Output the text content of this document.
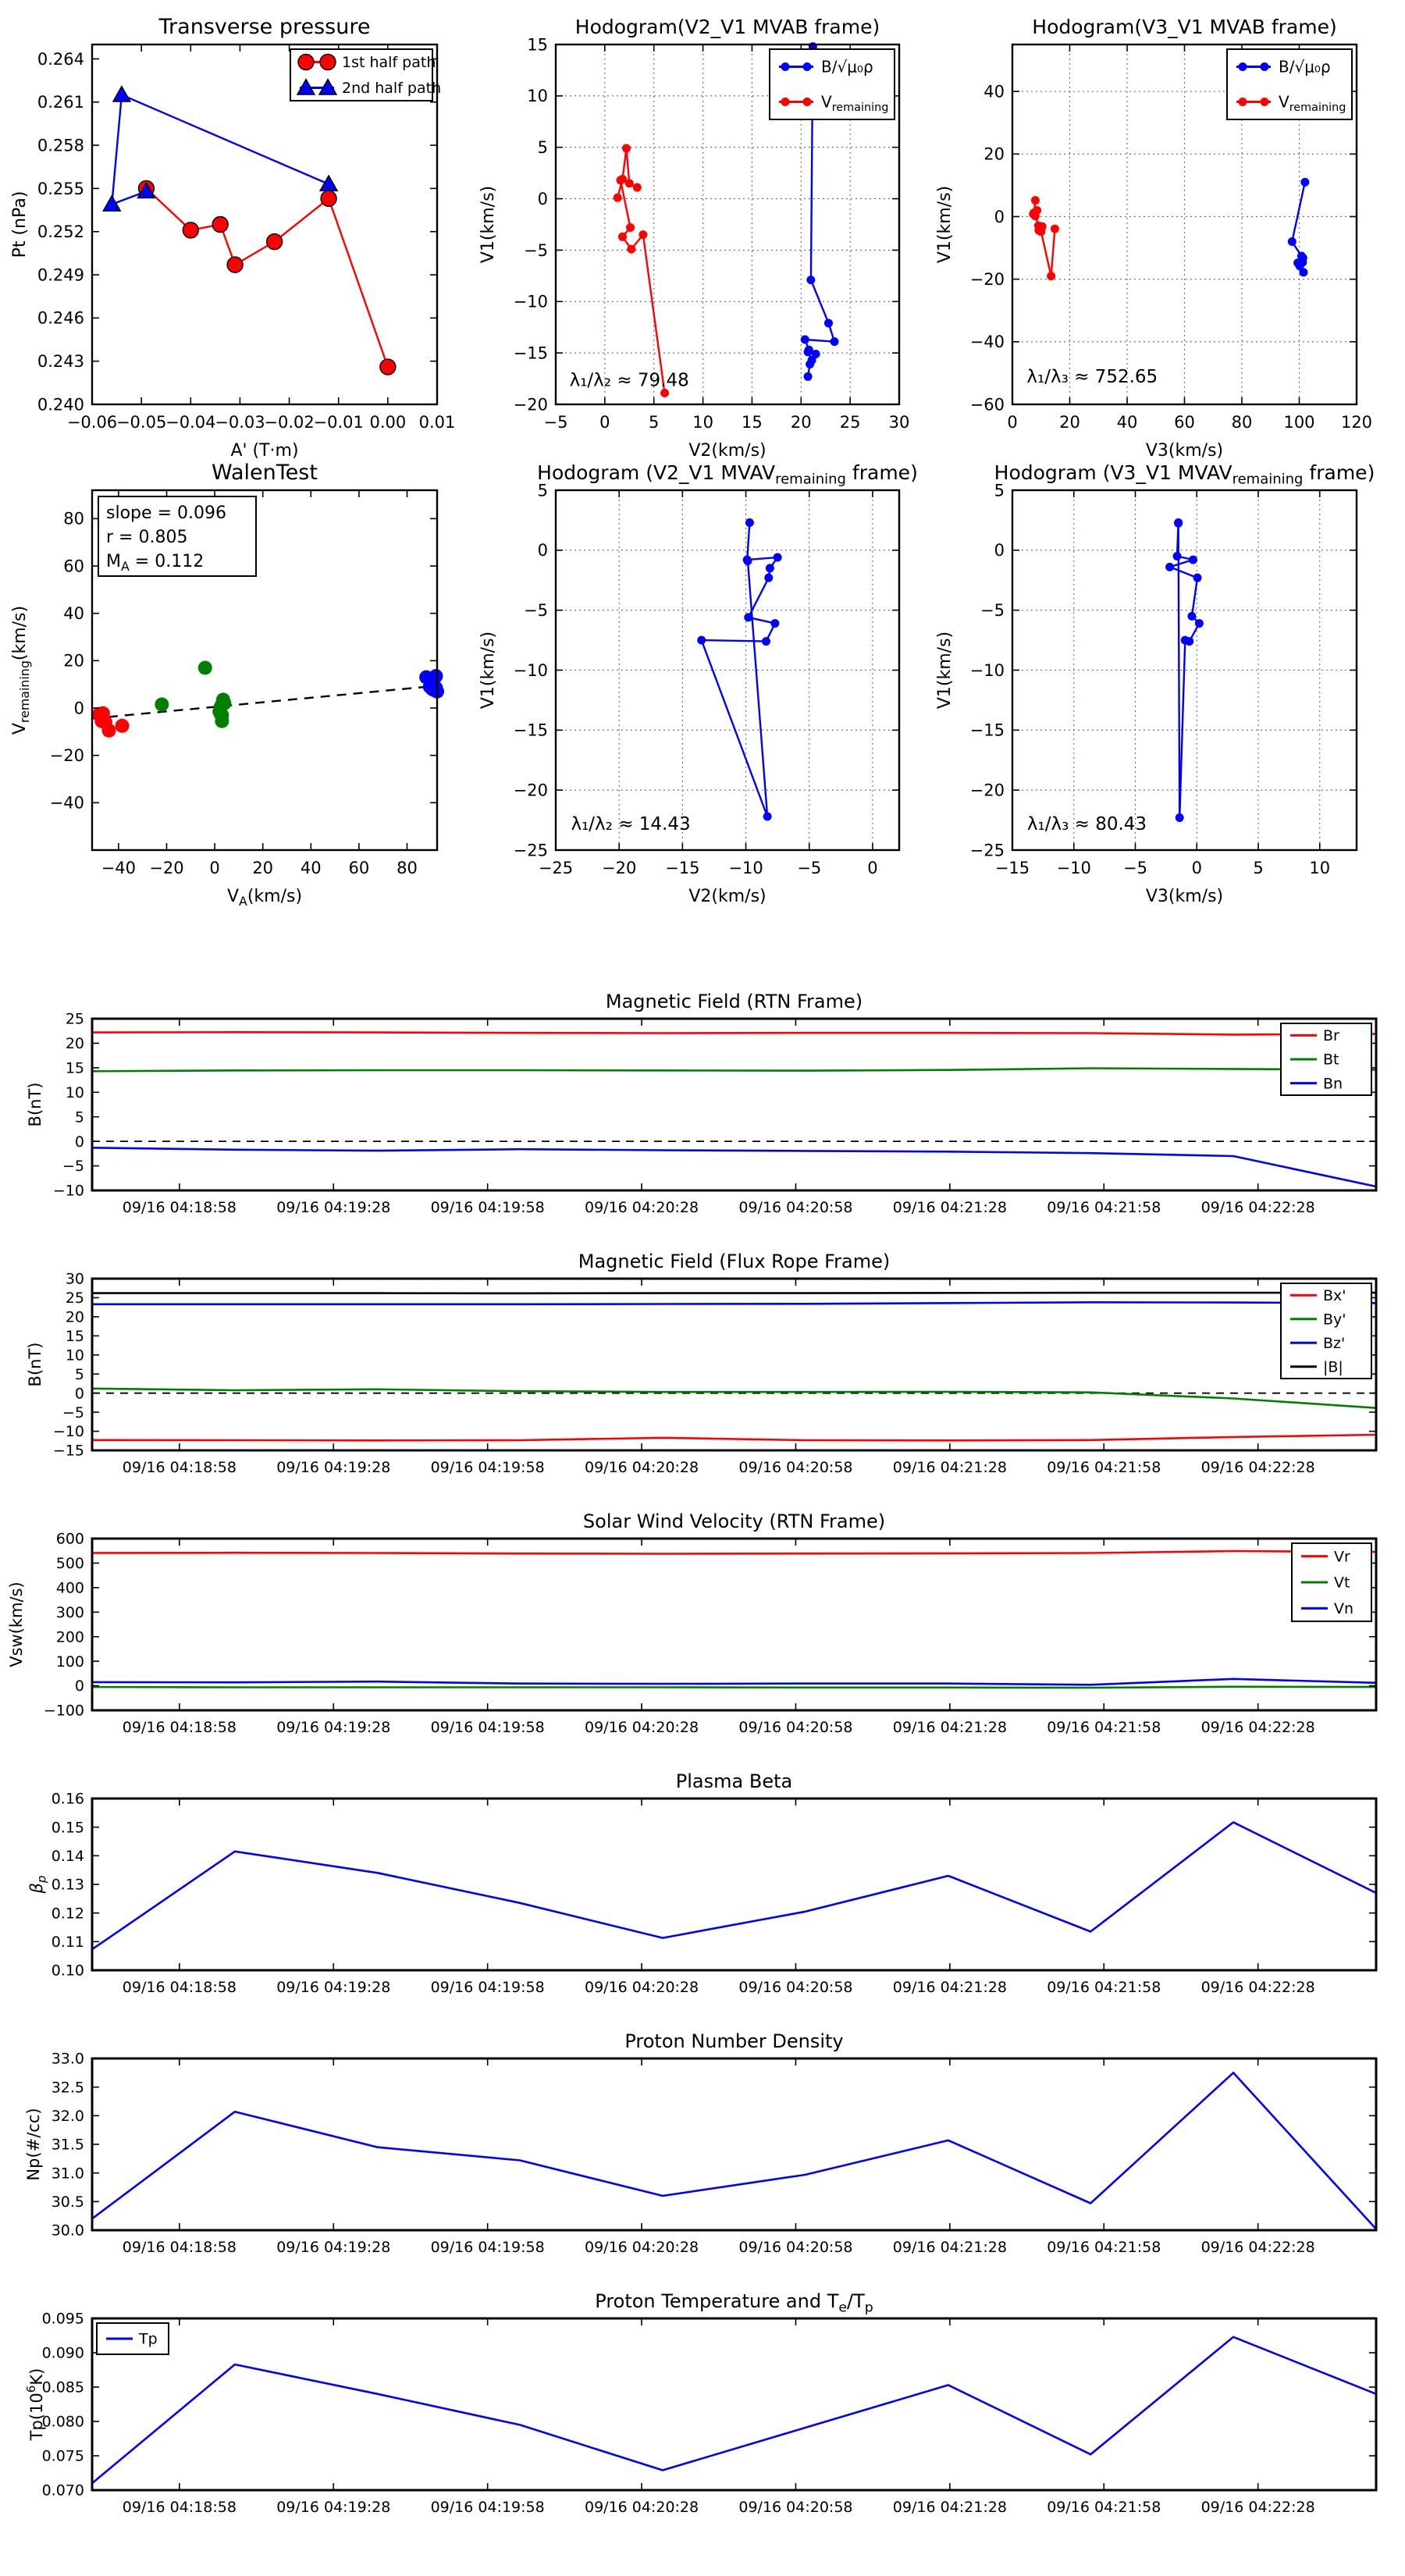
−0.06
−0.05
−0.04
−0.03
−0.02
−0.01 0.00 0.01
0.240
0.243
0.246
0.249
0.252
0.255
0.258
0.261
0.264
Transverse pressure
A' (T·m)
Pt (nPa)
1st half path
2nd half path
−5 0 5 10 15 20 25 30
−20
−15
−10
−5
0
5
10
15
Hodogram(V2_V1 MVAB frame)
V2(km/s)
V1(km/s)
λ₁/λ₂ ≈ 79.48
B/√μ₀ρ
$V_{remaining}$
0	20 40 60 80 100 120
−60
−40
−20
0
20
40
Hodogram(V3_V1 MVAB frame)
V3(km/s)
V1(km/s)
λ₁/λ₃ ≈ 752.65
B/√μ₀ρ
$V_{remaining}$
−40 −20 0 20 40 60 80
−40
−20
0
20
40
60
80
WalenTest
$V_A(km/s)$
$V_{remaining}(km/s)$
slope = 0.096
r = 0.805
$M_A = 0.112$
−25 −20 −15 −10 −5	0
−25
−20
−15
−10
−5
0
5
Hodogram (V2_V1 $MVAV_{remaining}$ frame)
V2(km/s)
V1(km/s)
λ₁/λ₂ ≈ 14.43
−15 −10 −5	0	5	10
−25
−20
−15
−10
−5
0
5
Hodogram (V3_V1 $MVAV_{remaining}$ frame)
V3(km/s)
V1(km/s)
λ₁/λ₃ ≈ 80.43
09/16 04:18:58	09/16 04:19:28	09/16 04:19:58	09/16 04:20:28	09/16 04:20:58	09/16 04:21:28	09/16 04:21:58	09/16 04:22:28
−10
−5
0
5
10
15
20
25
Magnetic Field (RTN Frame)
B(nT)
Br
Bt
Bn
09/16 04:18:58	09/16 04:19:28	09/16 04:19:58	09/16 04:20:28	09/16 04:20:58	09/16 04:21:28	09/16 04:21:58	09/16 04:22:28
−15
−10
−5
0
5
10
15
20
25
30
Magnetic Field (Flux Rope Frame)
B(nT)
Bx'
By'
Bz'
|B|
09/16 04:18:58	09/16 04:19:28	09/16 04:19:58	09/16 04:20:28	09/16 04:20:58	09/16 04:21:28	09/16 04:21:58	09/16 04:22:28
−100
0
100
200
300
400
500
600
Solar Wind Velocity (RTN Frame)
Vsw(km/s)
Vr
Vt
Vn
09/16 04:18:58	09/16 04:19:28	09/16 04:19:58	09/16 04:20:28	09/16 04:20:58	09/16 04:21:28	09/16 04:21:58	09/16 04:22:28
0.10
0.11
0.12
0.13
0.14
0.15
0.16
Plasma Beta
$\beta_p$
09/16 04:18:58	09/16 04:19:28	09/16 04:19:58	09/16 04:20:28	09/16 04:20:58	09/16 04:21:28	09/16 04:21:58	09/16 04:22:28
30.0
30.5
31.0
31.5
32.0
32.5
33.0
Proton Number Density
Np(#/cc)
09/16 04:18:58	09/16 04:19:28	09/16 04:19:58	09/16 04:20:28	09/16 04:20:58	09/16 04:21:28	09/16 04:21:58	09/16 04:22:28
0.070
0.075
0.080
0.085
0.090
0.095
Proton Temperature and $T_e/T_p$
$Tp(10^6K)$
Tp
